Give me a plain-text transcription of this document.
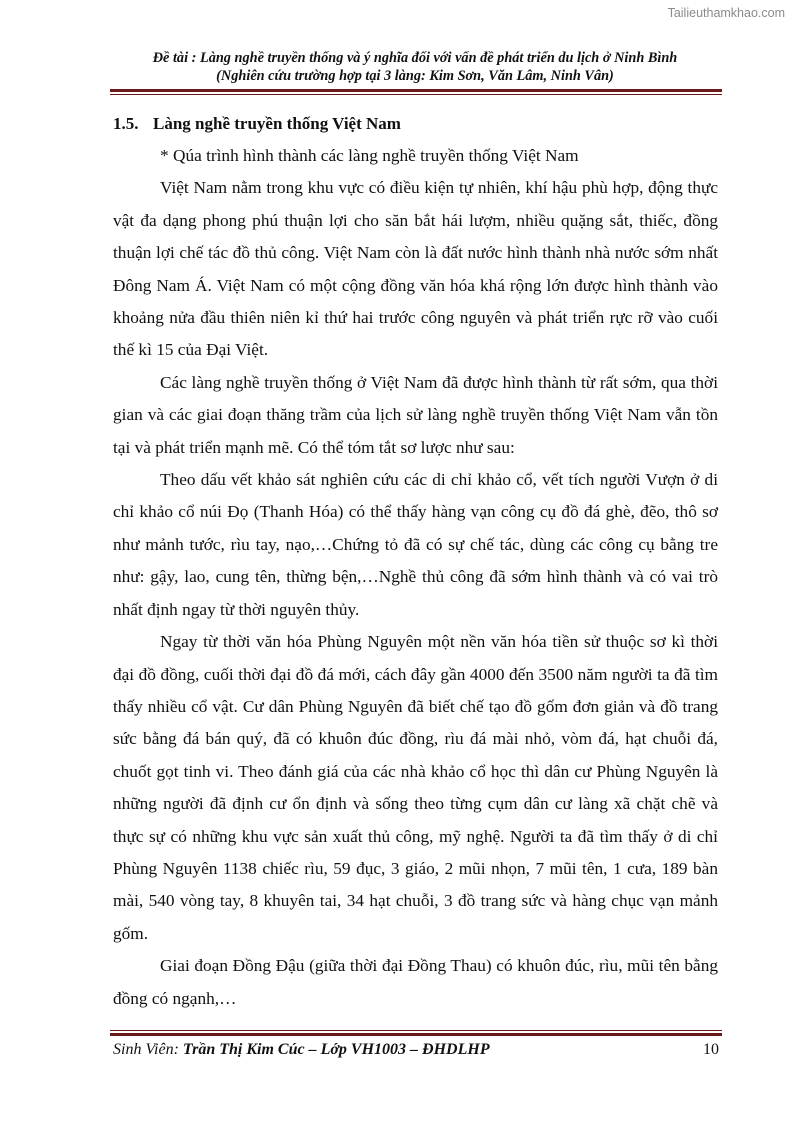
Tailieuthamkhao.com
Đề tài : Làng nghề truyền thống và ý nghĩa đối với vấn đề phát triển du lịch ở Ninh Bình
(Nghiên cứu trường hợp tại 3 làng: Kim Sơn, Văn Lâm, Ninh Vân)
1.5. Làng nghề truyền thống Việt Nam

* Qúa trình hình thành các làng nghề truyền thống Việt Nam

Việt Nam nằm trong khu vực có điều kiện tự nhiên, khí hậu phù hợp, động thực vật đa dạng phong phú thuận lợi cho săn bắt hái lượm, nhiều quặng sắt, thiếc, đồng thuận lợi chế tác đồ thủ công. Việt Nam còn là đất nước hình thành nhà nước sớm nhất Đông Nam Á. Việt Nam có một cộng đồng văn hóa khá rộng lớn được hình thành vào khoảng nửa đầu thiên niên kỉ thứ hai trước công nguyên và phát triển rực rỡ vào cuối thế kì 15 của Đại Việt.

Các làng nghề truyền thống ở Việt Nam đã được hình thành từ rất sớm, qua thời gian và các giai đoạn thăng trầm của lịch sử làng nghề truyền thống Việt Nam vẫn tồn tại và phát triển mạnh mẽ. Có thể tóm tắt sơ lược như sau:

Theo dấu vết khảo sát nghiên cứu các di chỉ khảo cổ, vết tích người Vượn ở di chỉ khảo cổ núi Đọ (Thanh Hóa) có thể thấy hàng vạn công cụ đồ đá ghè, đẽo, thô sơ như mảnh tước, rìu tay, nạo,…Chứng tỏ đã có sự chế tác, dùng các công cụ bằng tre như: gậy, lao, cung tên, thừng bện,…Nghề thủ công đã sớm hình thành và có vai trò nhất định ngay từ thời nguyên thủy.

Ngay từ thời văn hóa Phùng Nguyên một nền văn hóa tiền sử thuộc sơ kì thời đại đồ đồng, cuối thời đại đồ đá mới, cách đây gần 4000 đến 3500 năm người ta đã tìm thấy nhiều cổ vật. Cư dân Phùng Nguyên đã biết chế tạo đồ gốm đơn giản và đồ trang sức bằng đá bán quý, đã có khuôn đúc đồng, rìu đá mài nhỏ, vòm đá, hạt chuỗi đá, chuốt gọt tinh vi. Theo đánh giá của các nhà khảo cổ học thì dân cư Phùng Nguyên là những người đã định cư ổn định và sống theo từng cụm dân cư làng xã chặt chẽ và thực sự có những khu vực sản xuất thủ công, mỹ nghệ. Người ta đã tìm thấy ở di chỉ Phùng Nguyên 1138 chiếc rìu, 59 đục, 3 giáo, 2 mũi nhọn, 7 mũi tên, 1 cưa, 189 bàn mài, 540 vòng tay, 8 khuyên tai, 34 hạt chuỗi, 3 đồ trang sức và hàng chục vạn mảnh gốm.

Giai đoạn Đồng Đậu (giữa thời đại Đồng Thau) có khuôn đúc, rìu, mũi tên bằng đồng có ngạnh,…

Sinh Viên: Trần Thị Kim Cúc – Lớp VH1003 – ĐHDLHP	10
